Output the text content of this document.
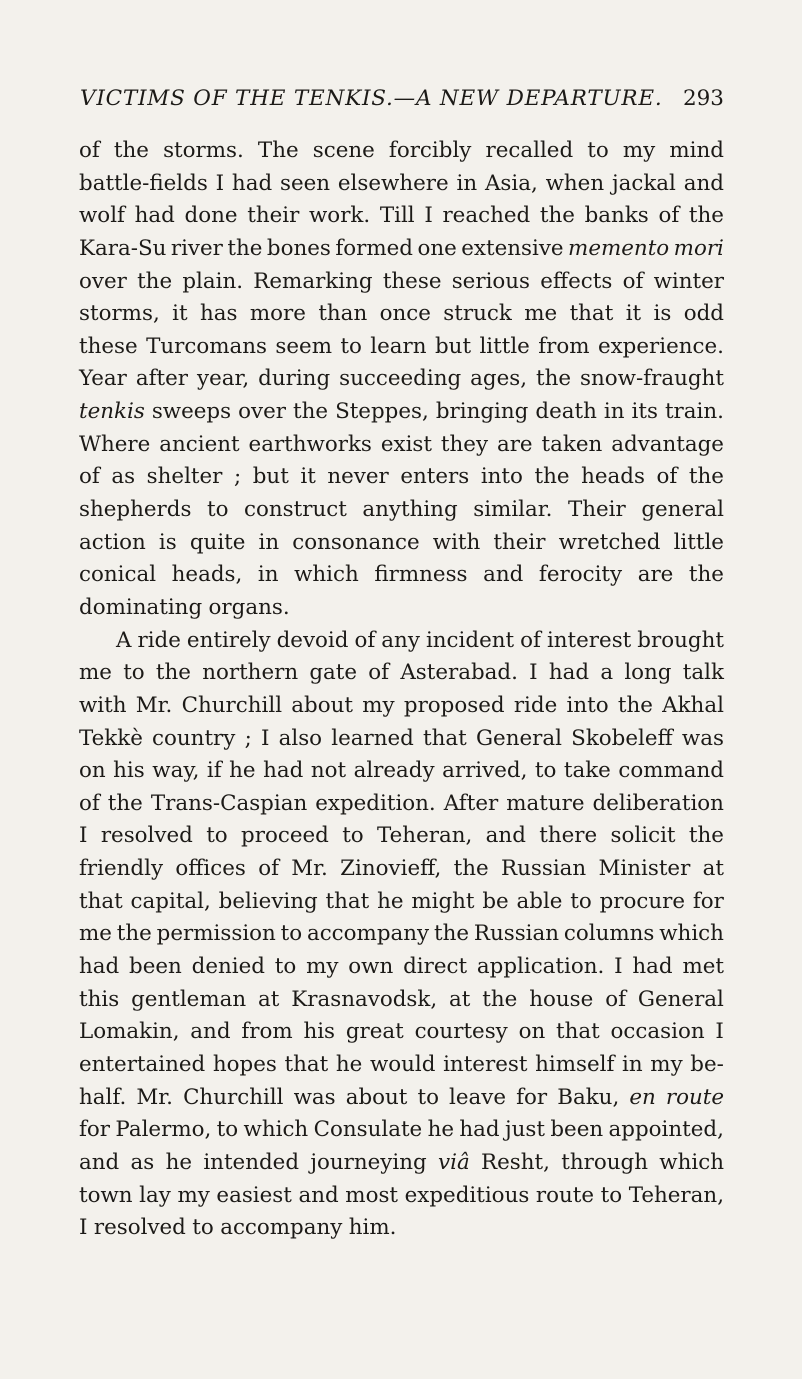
VICTIMS OF THE TENKIS.—A NEW DEPARTURE. 293
of the storms. The scene forcibly recalled to my mind
battle-fields I had seen elsewhere in Asia, when jackal and
wolf had done their work. Till I reached the banks of the
Kara-Su river the bones formed one extensive memento mori
over the plain. Remarking these serious effects of winter
storms, it has more than once struck me that it is odd
these Turcomans seem to learn but little from experience.
Year after year, during succeeding ages, the snow-fraught
tenkis sweeps over the Steppes, bringing death in its train.
Where ancient earthworks exist they are taken advantage
of as shelter ; but it never enters into the heads of the
shepherds to construct anything similar. Their general
action is quite in consonance with their wretched little
conical heads, in which firmness and ferocity are the
dominating organs.
A ride entirely devoid of any incident of interest brought
me to the northern gate of Asterabad. I had a long talk
with Mr. Churchill about my proposed ride into the Akhal
Tekkè country ; I also learned that General Skobeleff was
on his way, if he had not already arrived, to take command
of the Trans-Caspian expedition. After mature deliberation
I resolved to proceed to Teheran, and there solicit the
friendly offices of Mr. Zinovieff, the Russian Minister at
that capital, believing that he might be able to procure for
me the permission to accompany the Russian columns which
had been denied to my own direct application. I had met
this gentleman at Krasnavodsk, at the house of General
Lomakin, and from his great courtesy on that occasion I
entertained hopes that he would interest himself in my be-
half. Mr. Churchill was about to leave for Baku, en route
for Palermo, to which Consulate he had just been appointed,
and as he intended journeying viâ Resht, through which
town lay my easiest and most expeditious route to Teheran,
I resolved to accompany him.
